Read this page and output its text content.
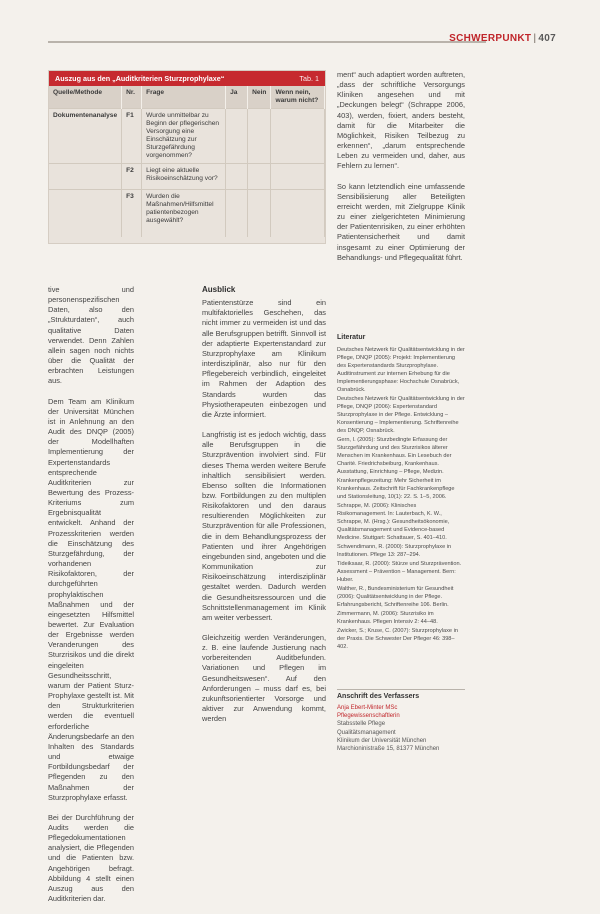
SCHWERPUNKT | 407
Auszug aus den „Auditkriterien Sturzprophylaxe“	Tab. 1
Quelle/Methode	Nr.	Frage	Ja	Nein	Wenn nein, warum nicht?
Dokumentenanalyse	F1	Wurde unmittelbar zu Beginn der pflegerischen Versorgung eine Einschätzung zur Sturzgefährdung vorgenommen?			
	F2	Liegt eine aktuelle Risikoeinschätzung vor?			
	F3	Wurden die Maßnahmen/Hilfsmittel patientenbezogen ausgewählt?			

tive und personenspezifischen Daten, also den „Strukturdaten“, auch qualitative Daten verwendet. Denn Zahlen allein sagen noch nichts über die Qualität der erbrachten Leistungen aus.

Dem Team am Klinikum der Universität München ist in Anlehnung an den Audit des DNQP (2005) der Modellhaften Implementierung der Expertenstandards entsprechende Auditkriterien zur Bewertung des Prozess-Kriteriums zum Ergebnisqualität entwickelt. Anhand der Prozesskriterien werden die Einschätzung des Sturzgefährdung, der vorhandenen Risikofaktoren, der durchgeführten prophylaktischen Maßnahmen und der eingesetzten Hilfsmittel bewertet. Zur Evaluation der Ergebnisse werden Veranderungen des Sturzrisikos und die direkt eingeleiten Gesundheitsschritt, warum der Patient Sturz-Prophylaxe gestellt ist. Mit den Strukturkriterien werden die eventuell erforderliche Änderungsbedarfe an den Inhalten des Standards und etwaige Fortbildungsbedarf der Pflegenden zu den Maßnahmen der Sturzprophylaxe erfasst.

Bei der Durchführung der Audits werden die Pflegedokumentationen analysiert, die Pflegenden und die Patienten bzw. Angehörigen befragt. Abbildung 4 stellt einen Auszug aus den Auditkriterien dar.

Ausblick

Patientenstürze sind ein multifaktorielles Geschehen, das nicht immer zu vermeiden ist und das alle Berufsgruppen betrifft. Sinnvoll ist der adaptierte Expertenstandard zur Sturzprophylaxe am Klinikum interdisziplinär, also nur für den Pflegebereich verbindlich, eingeleitet im Rahmen der Adaption des Standards wurden das Physiotherapeuten einbezogen und die Ärzte informiert.

Langfristig ist es jedoch wichtig, dass alle Berufsgruppen in die Sturzprävention involviert sind. Für dieses Thema werden weitere Berufe inhaltlich sensibilisiert werden. Ebenso sollten die Informationen bzw. Fortbildungen zu den multiplen Risikofaktoren und den daraus resultierenden Möglichkeiten zur Sturzprävention für alle Professionen, die in dem Behandlungsprozess der Patienten und ihrer Angehörigen eingebunden sind, angeboten und die Kommunikation zur Risikoeinschätzung interdisziplinär gestaltet werden. Dadurch werden die Gesundheitsressourcen und die Schnittstellenmanagement im Klinik am weiter verbessert.

Gleichzeitig werden Veränderungen, z. B. eine laufende Justierung nach vorbereitenden Auditbefunden. Variationen und Pflegen im Gesundheitswesen“. Auf den Anforderungen – muss darf es, bei zukunftsorientierter Vorsorge und aktiver zur Anwendung kommt, werden

ment“ auch adaptiert worden auftreten, „dass der schriftliche Versorgungs Kliniken angesehen und mit „Deckungen belegt“ (Schrappe 2006, 403), werden, fixiert, anders besteht, damit für die Mitarbeiter die Möglichkeit, Risiken Teilbezug zu erkennen“, „darum entsprechende Leben zu vermeiden und, daher, aus Fehlern zu lernen“.

So kann letztendlich eine umfassende Sensibilisierung aller Beteiligten erreicht werden, mit Zielgruppe Klinik zu einer zielgerichteten Minimierung der Patientenrisiken, zu einer erhöhten Patientensicherheit und damit insgesamt zu einer Optimierung der Behandlungs- und Pflegequalität führt.

Literatur

Deutsches Netzwerk für Qualitätsentwicklung in der Pflege, DNQP (2005): Projekt: Implementierung des Expertenstandards Sturzprophylaxe. Auditinstrument zur internen Erhebung für die Implementierungsphase: Hochschule Osnabrück, Osnabrück.

Deutsches Netzwerk für Qualitätsentwicklung in der Pflege, DNQP (2006): Expertenstandard Sturzprophylaxe in der Pflege. Entwicklung – Konsentierung – Implementierung. Schriftenreihe des DNQP, Osnabrück.

Gern, I. (2005): Sturzbedingte Erfassung der Sturzgefährdung und des Sturzrisikos älterer Menschen im Krankenhaus. Ein Lesebuch der Charité. Friedrichsbeiburg, Krankenhaus. Ausstattung, Einrichtung – Pflege, Medizin.

Krankenpflegezeitung: Mehr Sicherheit im Krankenhaus. Zeitschrift für Fachkrankenpflege und Stationsleitung, 10(1): 22. S. 1–5, 2006.

Schrappe, M. (2006): Klinisches Risikomanagement. In: Lauterbach, K. W., Schrappe, M. (Hrsg.): Gesundheitsökonomie, Qualitätsmanagement und Evidence-based Medicine. Stuttgart: Schattauer, S. 401–410.

Schwendimann, R. (2000): Sturzprophylaxe in Institutionen. Pflege 13: 287–294.

Tideiksaar, R. (2000): Stürze und Sturzprävention. Assessment – Prävention – Management. Bern: Huber.

Walther, R., Bundesministerium für Gesundheit (2006): Qualitätsentwicklung in der Pflege. Erfahrungsbericht, Schriftenreihe 106. Berlin.

Zimmermann, M. (2006): Sturzrisiko im Krankenhaus. Pflegen Intensiv 2: 44–48.

Zwicker, S.; Kruse, C. (2007): Sturzprophylaxe in der Praxis. Die Schwester Der Pfleger 46: 398–402.

Anschrift des Verfassers
Anja Ebert-Minter MSc
Pflegewissenschaftlerin
Stabsstelle Pflege
Qualitätsmanagement
Klinikum der Universität München
Marchioninistraße 15, 81377 München
